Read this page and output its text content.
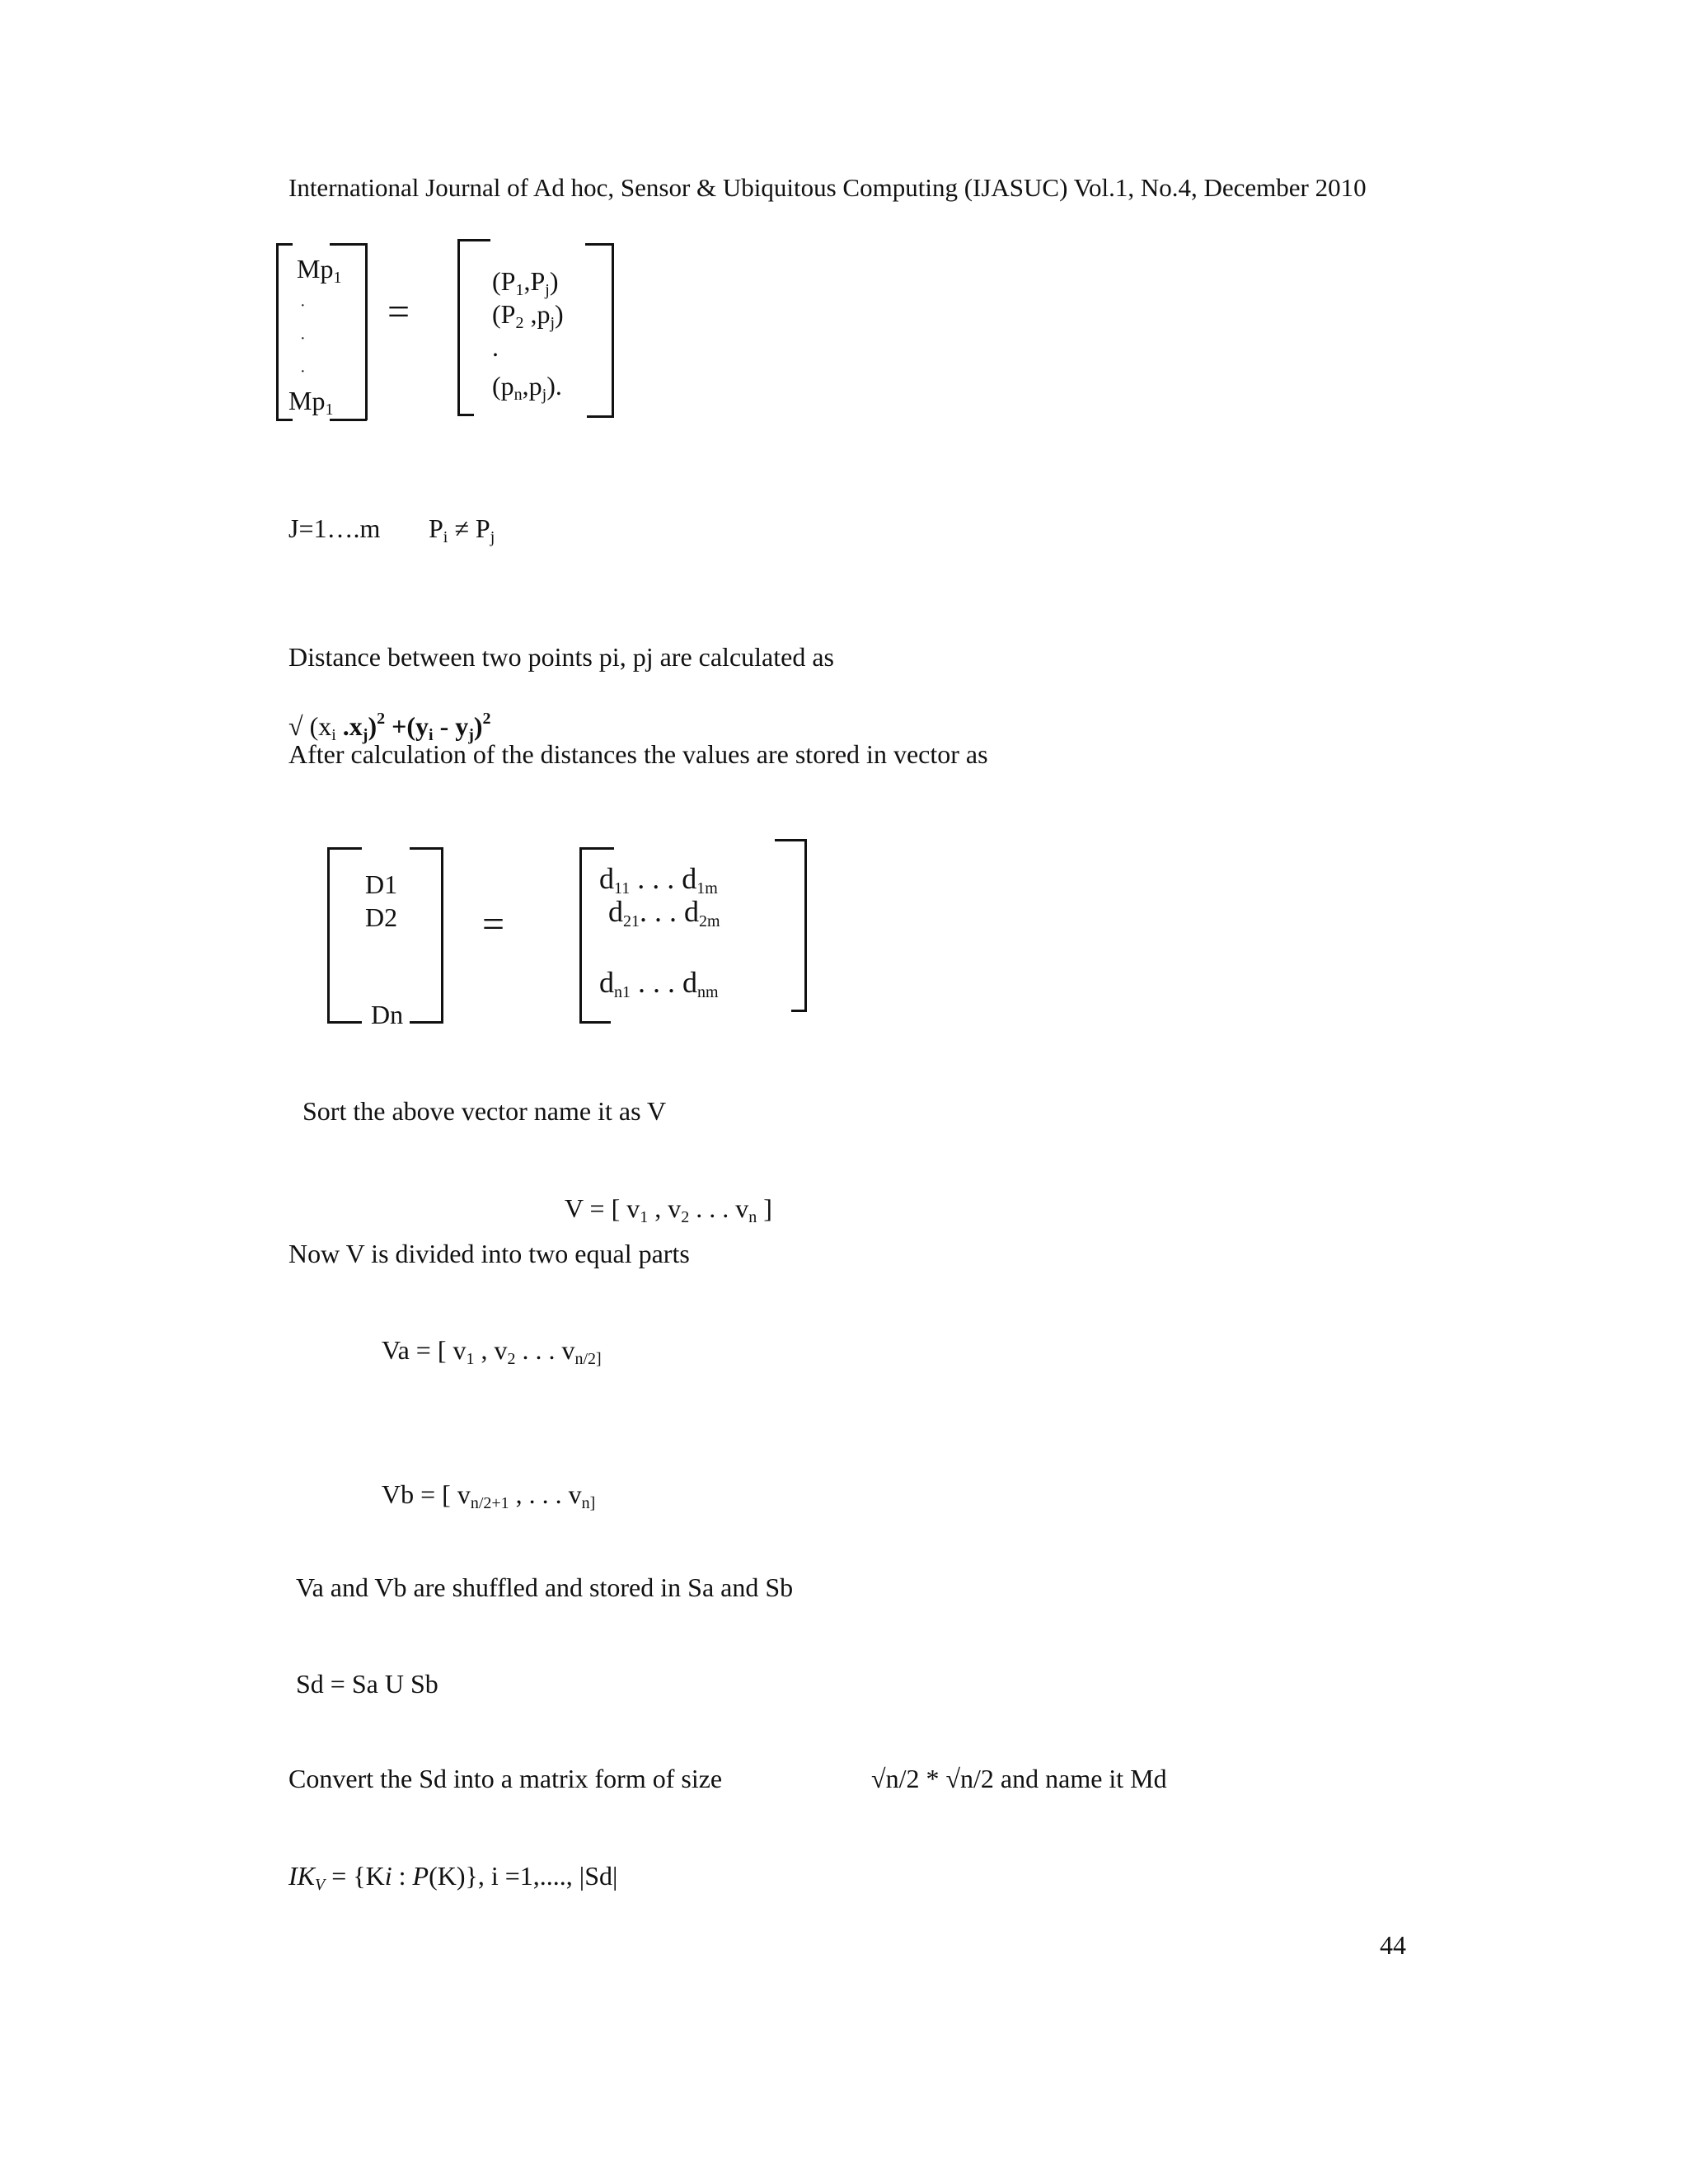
International Journal of Ad hoc, Sensor & Ubiquitous Computing (IJASUC) Vol.1, No.4, December 2010
$Mp_1$
·
·
·
$Mp_1$
=
$(P_1,P_j)$
($P_2$ $,p_j$)
.
$(p_n,p_j)$.
J=1….m $P_i \ne P_j$
Distance between two points pi, pj are calculated as
√ ($x_i$ $.x_j)^2 +(y_i - y_j)^2$
After calculation of the distances the values are stored in vector as
D1
D2
Dn
=
$d_{11}$ . . . $d_{1m}$
$d_{21}$. . . $d_{2m}$
$d_{n1}$ . . . $d_{nm}$
Sort the above vector name it as V
V = [ $v_1$ , $v_2$ . . . $v_n$ ]
Now V is divided into two equal parts
Va = [ $v_1$ , $v_2$ . . . $v_{n/2]}$
Vb = [ $v_{n/2+1}$ , . . . $v_{n]}$
Va and Vb are shuffled and stored in Sa and Sb
Sd = Sa U Sb
Convert the Sd into a matrix form of size	√n/2 * √n/2 and name it Md
$IK_V = \{Ki$ : P(K)}, i =1,...., |Sd|
44
